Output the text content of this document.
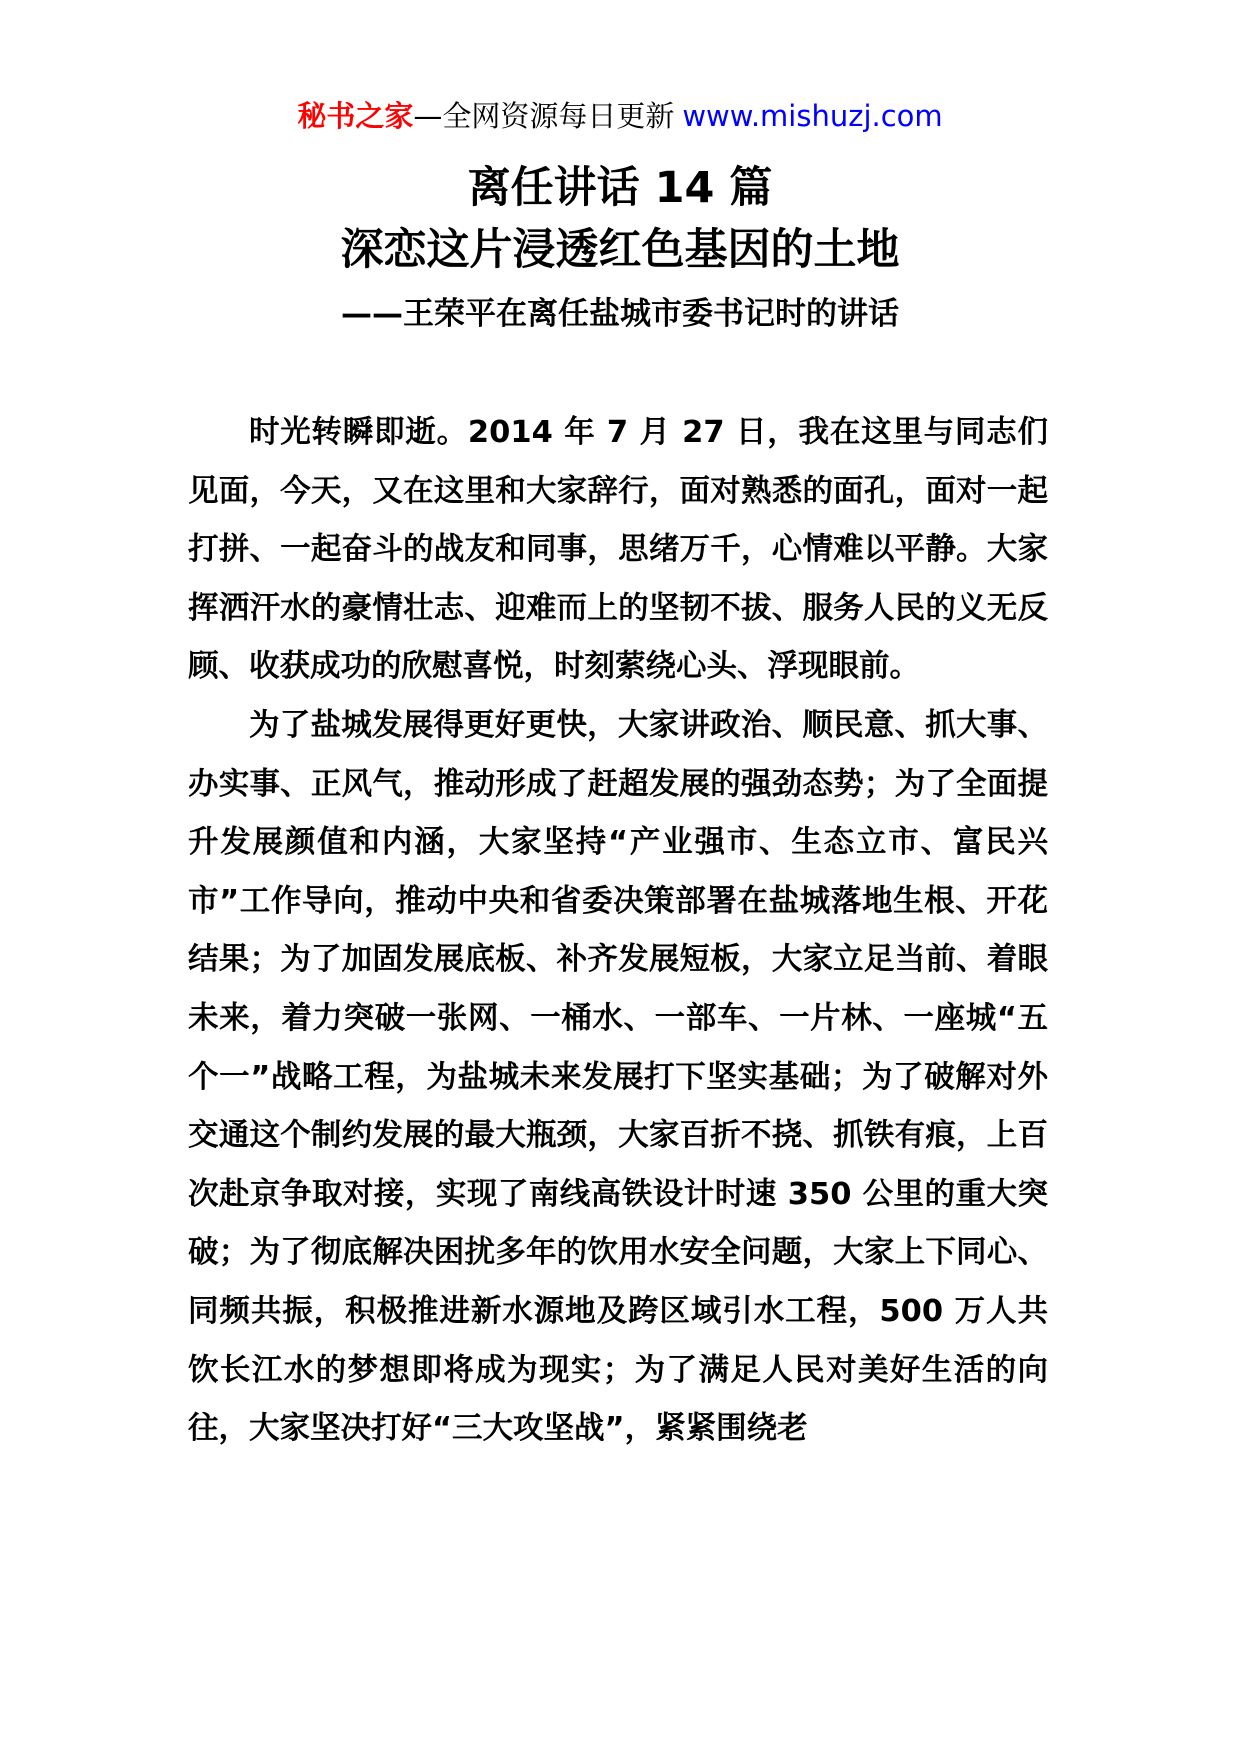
秘书之家—全网资源每日更新 www.mishuzj.com
离任讲话 14 篇
深恋这片浸透红色基因的土地
——王荣平在离任盐城市委书记时的讲话

时光转瞬即逝。2014 年 7 月 27 日，我在这里与同志们见面，今天，又在这里和大家辞行，面对熟悉的面孔，面对一起打拼、一起奋斗的战友和同事，思绪万千，心情难以平静。大家挥洒汗水的豪情壮志、迎难而上的坚韧不拔、服务人民的义无反顾、收获成功的欣慰喜悦，时刻萦绕心头、浮现眼前。

为了盐城发展得更好更快，大家讲政治、顺民意、抓大事、办实事、正风气，推动形成了赶超发展的强劲态势；为了全面提升发展颜值和内涵，大家坚持“产业强市、生态立市、富民兴市”工作导向，推动中央和省委决策部署在盐城落地生根、开花结果；为了加固发展底板、补齐发展短板，大家立足当前、着眼未来，着力突破一张网、一桶水、一部车、一片林、一座城“五个一”战略工程，为盐城未来发展打下坚实基础；为了破解对外交通这个制约发展的最大瓶颈，大家百折不挠、抓铁有痕，上百次赴京争取对接，实现了南线高铁设计时速 350 公里的重大突破；为了彻底解决困扰多年的饮用水安全问题，大家上下同心、同频共振，积极推进新水源地及跨区域引水工程，500 万人共饮长江水的梦想即将成为现实；为了满足人民对美好生活的向往，大家坚决打好“三大攻坚战”，紧紧围绕老
